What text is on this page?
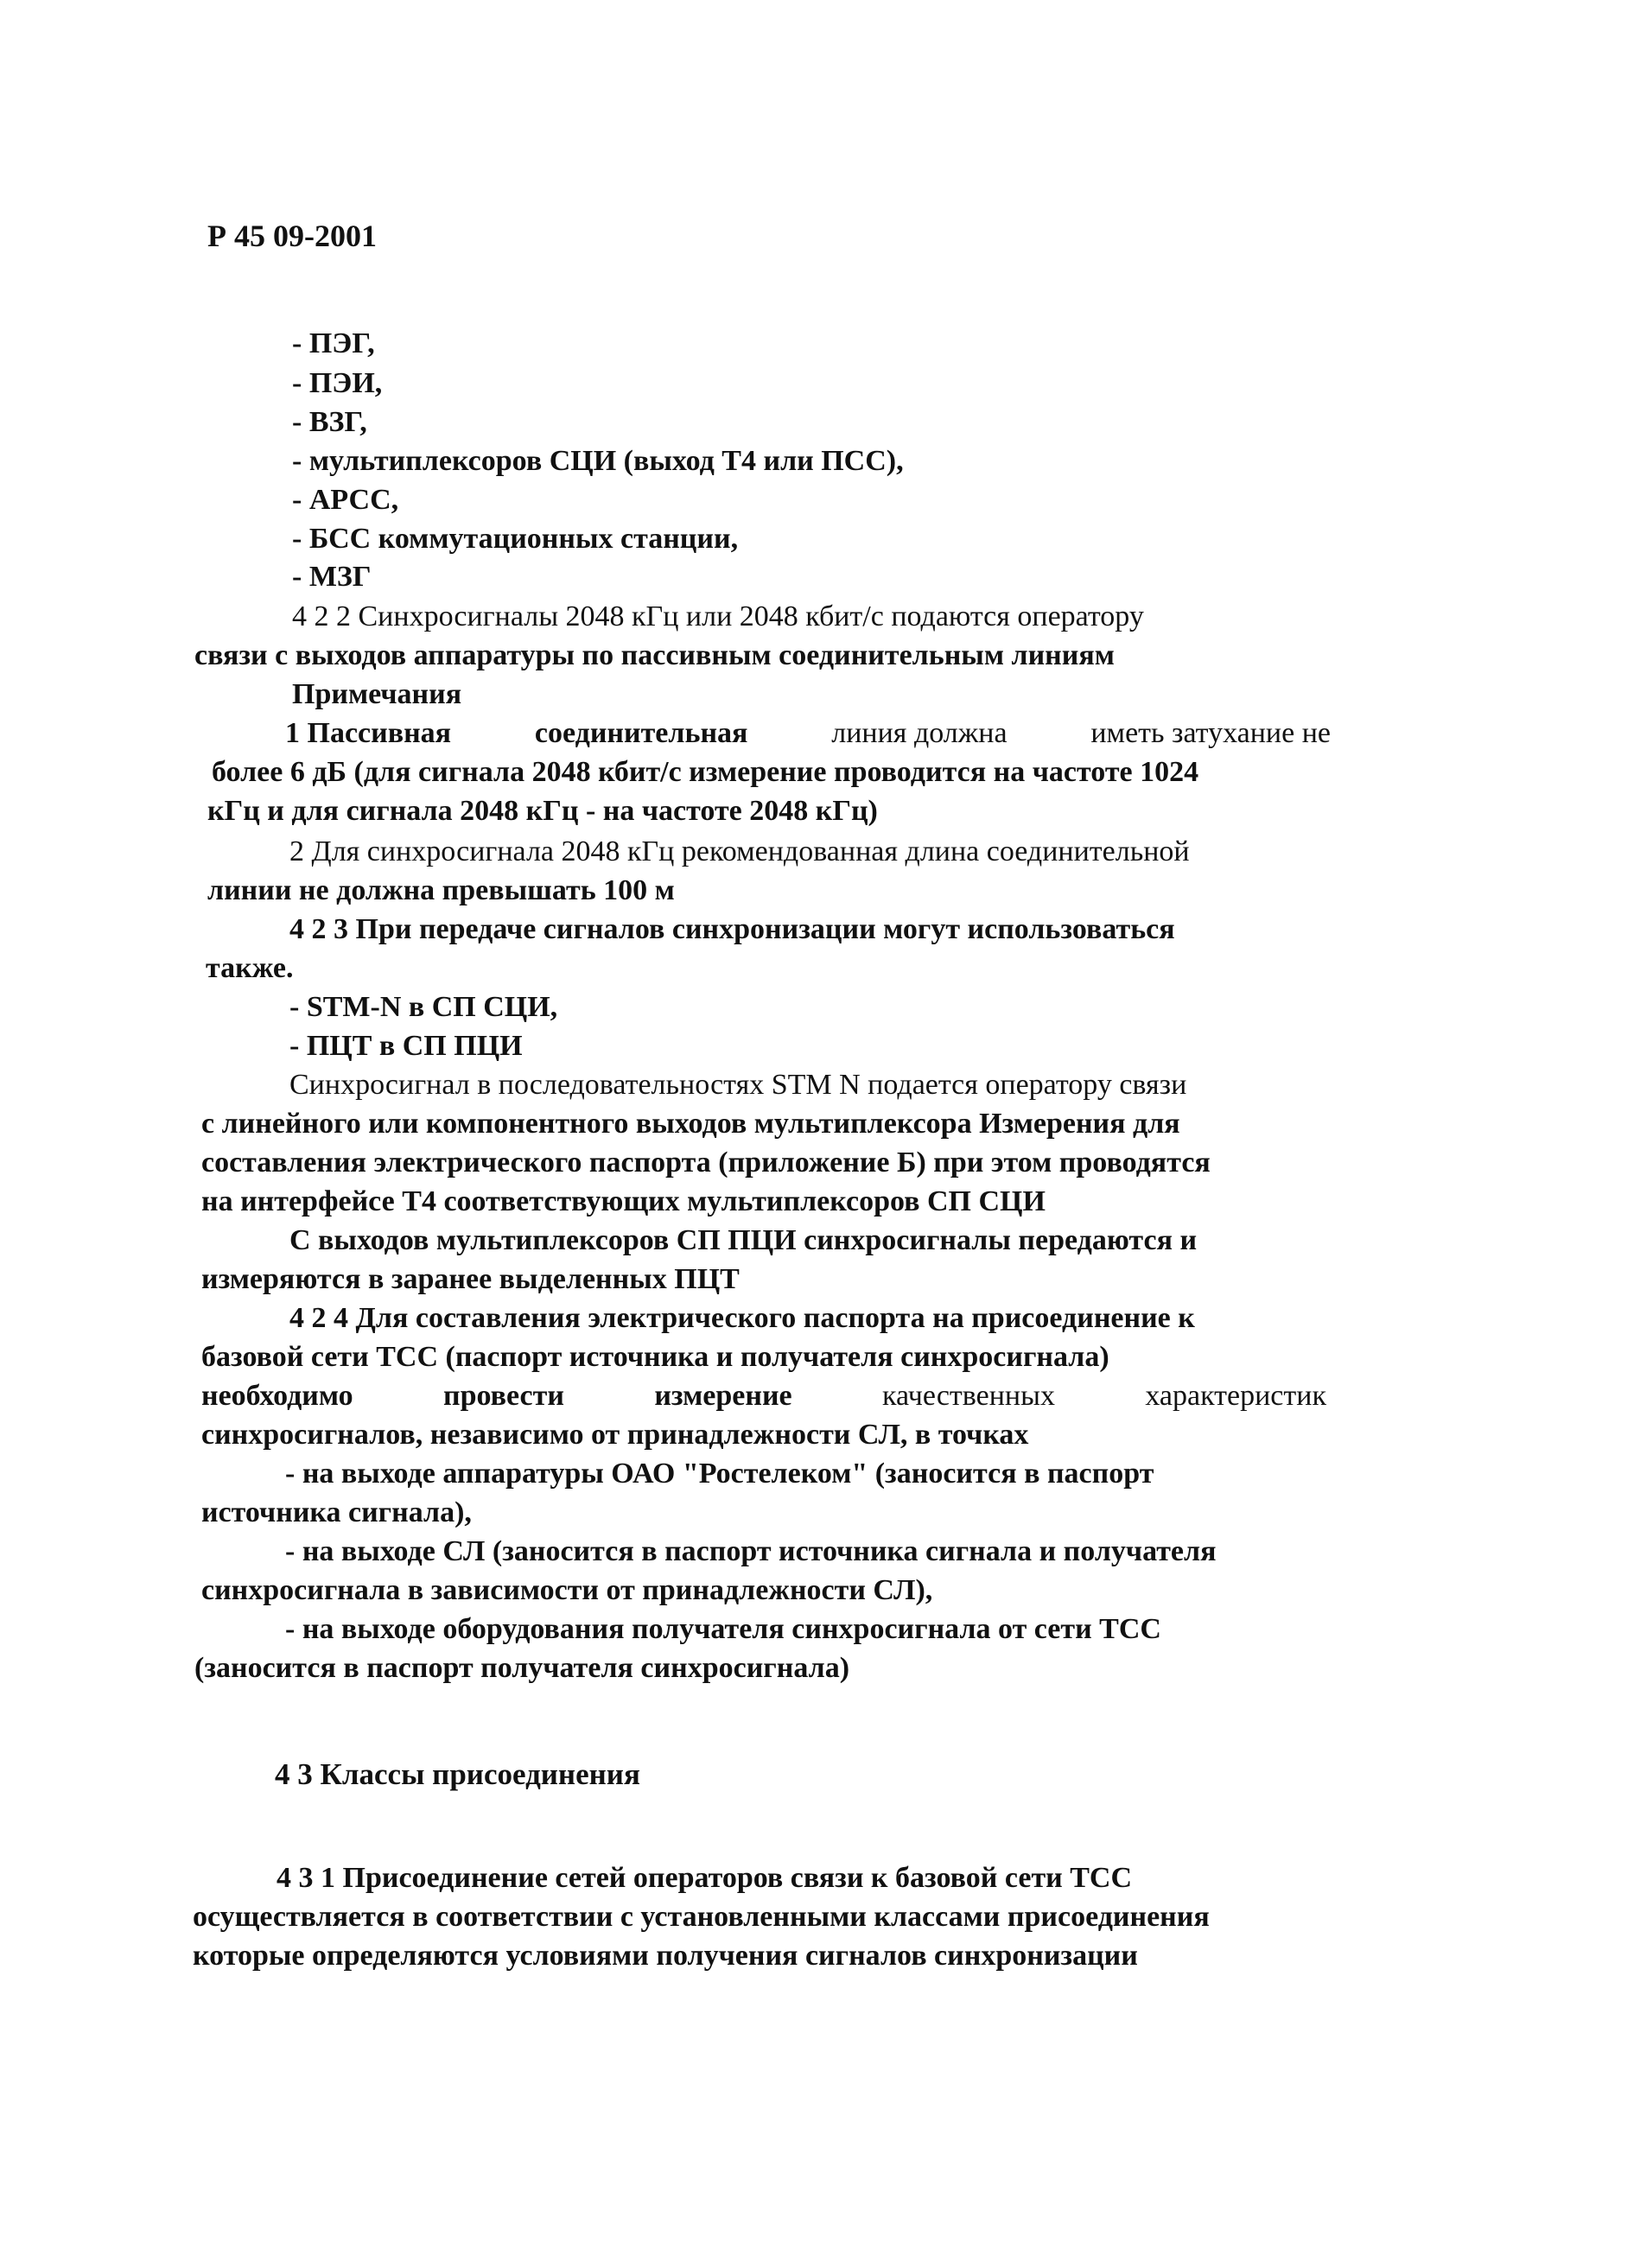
Р 45 09-2001
- ПЭГ,
- ПЭИ,
- ВЗГ,
- мультиплексоров СЦИ (выход Т4 или ПСС),
- АРСС,
- БСС коммутационных станции,
- МЗГ
4 2 2 Синхросигналы 2048 кГц или 2048 кбит/с подаются оператору
связи с выходов аппаратуры по пассивным соединительным линиям
Примечания
1 Пассивная	соединительная	линия должна	иметь затухание не
более 6 дБ (для сигнала 2048 кбит/с измерение проводится на частоте 1024
кГц и для сигнала 2048 кГц - на частоте 2048 кГц)
2 Для синхросигнала 2048 кГц рекомендованная длина соединительной
линии не должна превышать 100 м
4 2 3 При передаче сигналов синхронизации могут использоваться
также.
- STM-N в СП СЦИ,
- ПЦТ в СП ПЦИ
Синхросигнал в последовательностях STM N подается оператору связи
с линейного или компонентного выходов мультиплексора Измерения для
составления электрического паспорта (приложение Б) при этом проводятся
на интерфейсе Т4 соответствующих мультиплексоров СП СЦИ
С выходов мультиплексоров СП ПЦИ синхросигналы передаются и
измеряются в заранее выделенных ПЦТ
4 2 4 Для составления электрического паспорта на присоединение к
базовой сети ТСС (паспорт источника и получателя синхросигнала)
необходимо	провести	измерение	качественных	характеристик
синхросигналов, независимо от принадлежности СЛ, в точках
- на выходе аппаратуры ОАО "Ростелеком" (заносится в паспорт
источника сигнала),
- на выходе СЛ (заносится в паспорт источника сигнала и получателя
синхросигнала в зависимости от принадлежности СЛ),
- на выходе оборудования получателя синхросигнала от сети ТСС
(заносится в паспорт получателя синхросигнала)
4 3 Классы присоединения
4 3 1 Присоединение сетей операторов связи к базовой сети ТСС
осуществляется в соответствии с установленными классами присоединения
которые определяются условиями получения сигналов синхронизации
